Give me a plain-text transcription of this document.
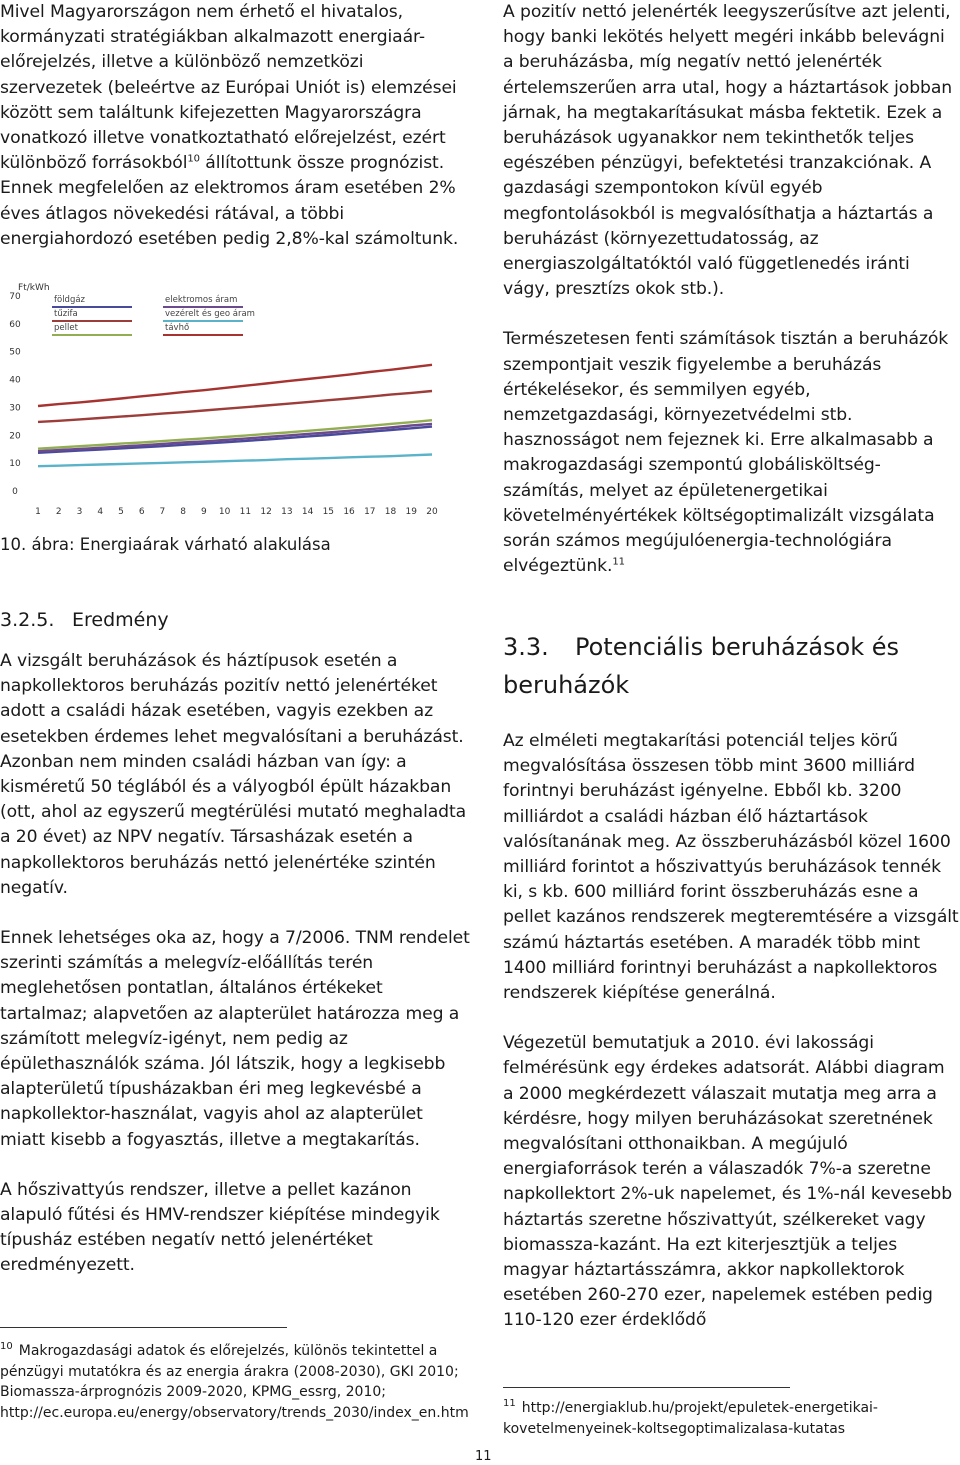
Mivel Magyarországon nem érhető el hivatalos, kormányzati stratégiákban alkalmazott energiaár-előrejelzés, illetve a különböző nemzetközi szervezetek (beleértve az Európai Uniót is) elemzései között sem találtunk kifejezetten Magyarországra vonatkozó illetve vonatkoztatható előrejelzést, ezért különböző forrásokból$^{10}$ állítottunk össze prognózist. Ennek megfelelően az elektromos áram esetében 2% éves átlagos növekedési rátával, a többi energiahordozó esetében pedig 2,8%-kal számoltunk.

Ft/kWh
0
10
20
30
40
50
60
70
1 2 3 4 5 6 7 8 9 10 11 12 13 14 15 16 17 18 19 20
földgáz
tűzifa
pellet
elektromos áram
vezérelt és geo áram
távhő
10. ábra: Energiaárak várható alakulása
3.2.5. Eredmény

A vizsgált beruházások és háztípusok esetén a napkollektoros beruházás pozitív nettó jelenértéket adott a családi házak esetében, vagyis ezekben az esetekben érdemes lehet megvalósítani a beruházást. Azonban nem minden családi házban van így: a kisméretű 50 téglából és a vályogból épült házakban (ott, ahol az egyszerű megtérülési mutató meghaladta a 20 évet) az NPV negatív. Társasházak esetén a napkollektoros beruházás nettó jelenértéke szintén negatív.

Ennek lehetséges oka az, hogy a 7/2006. TNM rendelet szerinti számítás a melegvíz-előállítás terén meglehetősen pontatlan, általános értékeket tartalmaz; alapvetően az alapterület határozza meg a számított melegvíz-igényt, nem pedig az épülethasználók száma. Jól látszik, hogy a legkisebb alapterületű típusházakban éri meg legkevésbé a napkollektor-használat, vagyis ahol az alapterület miatt kisebb a fogyasztás, illetve a megtakarítás.

A hőszivattyús rendszer, illetve a pellet kazánon alapuló fűtési és HMV-rendszer kiépítése mindegyik típusház estében negatív nettó jelenértéket eredményezett.

$^{10}$ Makrogazdasági adatok és előrejelzés, különös tekintettel a pénzügyi mutatókra és az energia árakra (2008-2030), GKI 2010; Biomassza-árprognózis 2009-2020, KPMG_essrg, 2010; http://ec.europa.eu/energy/observatory/trends_2030/index_en.htm

A pozitív nettó jelenérték leegyszerűsítve azt jelenti, hogy banki lekötés helyett megéri inkább belevágni a beruházásba, míg negatív nettó jelenérték értelemszerűen arra utal, hogy a háztartások jobban járnak, ha megtakarításukat másba fektetik. Ezek a beruházások ugyanakkor nem tekinthetők teljes egészében pénzügyi, befektetési tranzakciónak. A gazdasági szempontokon kívül egyéb megfontolásokból is megvalósíthatja a háztartás a beruházást (környezettudatosság, az energiaszolgáltatóktól való függetlenedés iránti vágy, presztízs okok stb.).

Természetesen fenti számítások tisztán a beruházók szempontjait veszik figyelembe a beruházás értékelésekor, és semmilyen egyéb, nemzetgazdasági, környezetvédelmi stb. hasznosságot nem fejeznek ki. Erre alkalmasabb a makrogazdasági szempontú globálisköltség-számítás, melyet az épületenergetikai követelményértékek költségoptimalizált vizsgálata során számos megújulóenergia-technológiára elvégeztünk.$^{11}$

3.3. Potenciális beruházások és beruházók

Az elméleti megtakarítási potenciál teljes körű megvalósítása összesen több mint 3600 milliárd forintnyi beruházást igényelne. Ebből kb. 3200 milliárdot a családi házban élő háztartások valósítanának meg. Az összberuházásból közel 1600 milliárd forintot a hőszivattyús beruházások tennék ki, s kb. 600 milliárd forint összberuházás esne a pellet kazános rendszerek megteremtésére a vizsgált számú háztartás esetében. A maradék több mint 1400 milliárd forintnyi beruházást a napkollektoros rendszerek kiépítése generálná.

Végezetül bemutatjuk a 2010. évi lakossági felmérésünk egy érdekes adatsorát. Alábbi diagram a 2000 megkérdezett válaszait mutatja meg arra a kérdésre, hogy milyen beruházásokat szeretnének megvalósítani otthonaikban. A megújuló energiaforrások terén a válaszadók 7%-a szeretne napkollektort 2%-uk napelemet, és 1%-nál kevesebb háztartás szeretne hőszivattyút, szélkereket vagy biomassza-kazánt. Ha ezt kiterjesztjük a teljes magyar háztartásszámra, akkor napkollektorok esetében 260-270 ezer, napelemek estében pedig 110-120 ezer érdeklődő

$^{11}$ http://energiaklub.hu/projekt/epuletek-energetikai-kovetelmenyeinek-koltsegoptimalizalasa-kutatas
11
